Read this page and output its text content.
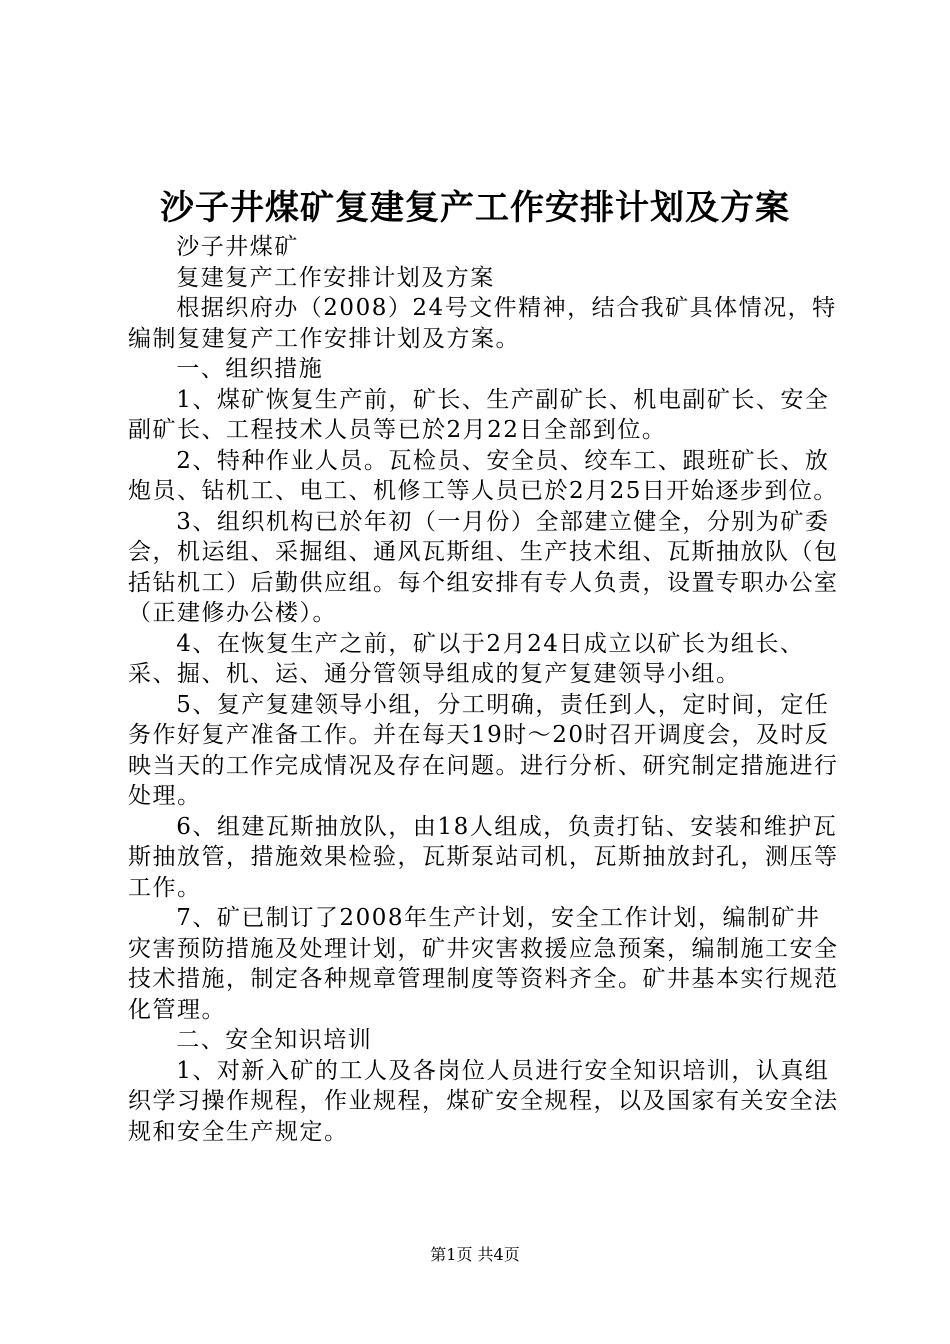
沙子井煤矿复建复产工作安排计划及方案

沙子井煤矿

复建复产工作安排计划及方案

根据织府办（2008）24号文件精神，结合我矿具体情况，特编制复建复产工作安排计划及方案。

一、组织措施

1、煤矿恢复生产前，矿长、生产副矿长、机电副矿长、安全副矿长、工程技术人员等已於2月22日全部到位。

2、特种作业人员。瓦检员、安全员、绞车工、跟班矿长、放炮员、钻机工、电工、机修工等人员已於2月25日开始逐步到位。

3、组织机构已於年初（一月份）全部建立健全，分别为矿委会，机运组、采掘组、通风瓦斯组、生产技术组、瓦斯抽放队（包括钻机工）后勤供应组。每个组安排有专人负责，设置专职办公室（正建修办公楼）。

4、在恢复生产之前，矿以于2月24日成立以矿长为组长、采、掘、机、运、通分管领导组成的复产复建领导小组。

5、复产复建领导小组，分工明确，责任到人，定时间，定任务作好复产准备工作。并在每天19时～20时召开调度会，及时反映当天的工作完成情况及存在问题。进行分析、研究制定措施进行处理。

6、组建瓦斯抽放队，由18人组成，负责打钻、安装和维护瓦斯抽放管，措施效果检验，瓦斯泵站司机，瓦斯抽放封孔，测压等工作。

7、矿已制订了2008年生产计划，安全工作计划，编制矿井灾害预防措施及处理计划，矿井灾害救援应急预案，编制施工安全技术措施，制定各种规章管理制度等资料齐全。矿井基本实行规范化管理。

二、安全知识培训

1、对新入矿的工人及各岗位人员进行安全知识培训，认真组织学习操作规程，作业规程，煤矿安全规程，以及国家有关安全法规和安全生产规定。

第1页 共4页
